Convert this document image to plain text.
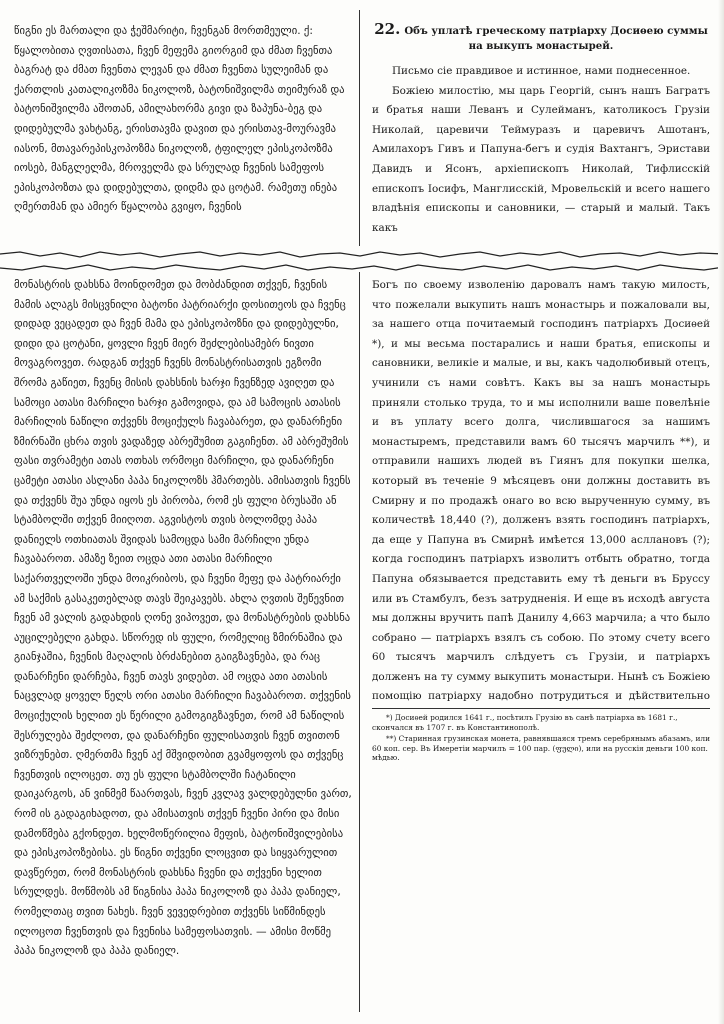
წიგნი ეს მართალი და ჭეშმარიტი, ჩვენგან მორთმეული. ქ: წყალობითა ღვთისათა, ჩვენ მეფემა გიორგიმ და ძმათ ჩვენთა ბაგრატ და ძმათ ჩვენთა ლევან და ძმათ ჩვენთა სულეიმან და ქართლის კათალიკოზმა ნიკოლოზ, ბატონიშვილმა თეიმურაზ და ბატონიშვილმა აშოთან, ამილახორმა გივი და ზაპუნა-ბეგ და დიდებულმა ვახტანგ, ერისთავმა დავით და ერისთავ-მოურავმა იასონ, მთავარეპისკოპოზმა ნიკოლოზ, ტფილელ ეპისკოპოზმა იოსებ, მანგლელმა, მროველმა და სრულად ჩვენის სამეფოს ეპისკოპოზთა და დიდებულთა, დიდმა და ცოტამ. რამეთუ ინება ღმერთმან და ამიერ წყალობა გვიყო, ჩვენის
22. Объ уплатѣ греческому патріарху Досиѳею суммы на выкупъ монастырей.

Письмо сіе правдивое и истинное, нами поднесенное.

Божіею милостію, мы царь Георгій, сынъ нашъ Багратъ и братья наши Леванъ и Сулейманъ, католикосъ Грузіи Николай, царевичи Теймуразъ и царевичъ Ашотанъ, Амилахоръ Гивъ и Папуна-бегъ и судія Вахтангъ, Эристави Давидъ и Ясонъ, архіепископъ Николай, Тифлисскій епископъ Іосифъ, Манглисскій, Мровельскій и всего нашего владѣнія епископы и сановники, — старый и малый. Такъ какъ

მონასტრის დახსნა მოინდომეთ და მობძანდით თქვენ, ჩვენის მამის ალაგს მისცვნილი ბატონი პატრიარქი დოსითეოს და ჩვენც დიდად ვეცადეთ და ჩვენ მამა და ეპისკოპოზნი და დიდებულნი, დიდი და ცოტანი, ყოვლი ჩვენ მიერ შეძლებისამებრ ნივთი მოვაგროვეთ. რადგან თქვენ ჩვენს მონასტრისათვის ეგზომი შრომა გაწიეთ, ჩვენც მისის დახსნის ხარჯი ჩვენზედ ავიღეთ და სამოცი ათასი მარჩილი ხარჯი გამოვიდა, და ამ სამოცის ათასის მარჩილის ნაწილი თქვენს მოციქულს ჩავაბარეთ, და დანარჩენი ზმირნაში ცხრა თვის ვადაზედ აბრეშუმით გაგიჩენთ. ამ აბრეშუმის ფასი თვრამეტი ათას ოთხას ორმოცი მარჩილი, და დანარჩენი ცამეტი ათასი ასლანი პაპა ნიკოლოზს ჰმართებს. ამისათვის ჩვენს და თქვენს შუა უნდა იყოს ეს პირობა, რომ ეს ფული ბრუსაში ან სტამბოლში თქვენ მიიღოთ. აგვისტოს თვის ბოლომდე პაპა დანიელს ოთხიათას შვიდას სამოცდა სამი მარჩილი უნდა ჩავაბაროთ. ამაზე ზეით ოცდა ათი ათასი მარჩილი საქართველოში უნდა მოიკრიბოს, და ჩვენი მეფე და პატრიარქი ამ საქმის გასაკეთებლად თავს შეიკავებს. ახლა ღვთის შეწევნით ჩვენ ამ ვალის გადახდის ღონე ვიპოვეთ, და მონასტრების დახსნა აუცილებელი გახდა. სწორედ ის ფული, რომელიც ზმირნაშია და გიანჯაშია, ჩვენის მაღალის ბრძანებით გაიგზავნება, და რაც დანარჩენი დარჩება, ჩვენ თავს ვიდებთ. ამ ოცდა ათი ათასის ნაცვლად ყოველ წელს ორი ათასი მარჩილი ჩავაბაროთ. თქვენის მოციქულის ხელით ეს წერილი გამოგიგზავნეთ, რომ ამ ნაწილის შესრულება შეძლოთ, და დანარჩენი ფულისათვის ჩვენ თვითონ ვიზრუნებთ. ღმერთმა ჩვენ აქ მშვიდობით გვამყოფოს და თქვენც ჩვენთვის ილოცეთ. თუ ეს ფული სტამბოლში ჩატანილი დაიკარგოს, ან ვინმემ წაართვას, ჩვენ კვლავ ვალდებულნი ვართ, რომ ის გადაგიხადოთ, და ამისათვის თქვენ ჩვენი პირი და მისი დამოწმება გქონდეთ. ხელმოწერილია მეფის, ბატონიშვილებისა და ეპისკოპოზებისა. ეს წიგნი თქვენი ლოცვით და სიყვარულით დავწერეთ, რომ მონასტრის დახსნა ჩვენი და თქვენი ხელით სრულდეს. მოწმობს ამ წიგნისა პაპა ნიკოლოზ და პაპა დანიელ, რომელთაც თვით ნახეს. ჩვენ ვევედრებით თქვენს სიწმინდეს ილოცოთ ჩვენთვის და ჩვენისა სამეფოსათვის. — ამისი მოწმე პაპა ნიკოლოზ და პაპა დანიელ.
Богъ по своему изволенію даровалъ намъ такую милость, что пожелали выкупить нашъ монастырь и пожаловали вы, за нашего отца почитаемый господинъ патріархъ Досиѳей *), и мы весьма постарались и наши братья, епископы и сановники, великіе и малые, и вы, какъ чадолюбивый отецъ, учинили съ нами совѣтъ. Какъ вы за нашъ монастырь приняли столько труда, то и мы исполнили ваше повелѣніе и въ уплату всего долга, числившагося за нашимъ монастыремъ, представили вамъ 60 тысячъ марчилъ **), и отправили нашихъ людей въ Гиянъ для покупки шелка, который въ теченіе 9 мѣсяцевъ они должны доставить въ Смирну и по продажѣ онаго во всю вырученную сумму, въ количествѣ 18,440 (?), долженъ взять господинъ патріархъ, да еще у Папуна въ Смирнѣ имѣется 13,000 асллановъ (?); когда господинъ патріархъ изволитъ отбыть обратно, тогда Папуна обязывается представить ему тѣ деньги въ Бруссу или въ Стамбулъ, безъ затрудненія. И еще въ исходѣ августа мы должны вручить папѣ Данилу 4,663 марчила; а что было собрано — патріархъ взялъ съ собою. По этому счету всего 60 тысячъ марчилъ слѣдуетъ съ Грузіи, и патріархъ долженъ на ту сумму выкупить монастыри. Нынѣ съ Божіею помощію патріарху надобно потрудиться и дѣйствительно

*) Досиѳей родился 1641 г., посѣтилъ Грузію въ санѣ патріарха въ 1681 г., скончался въ 1707 г. въ Константинополѣ.

**) Старинная грузинская монета, равнявшаяся тремъ серебрянымъ абазамъ, или 60 коп. сер. Въ Имеретіи марчилъ = 100 пар. (ფული), или на русскія деньги 100 коп. мѣдью.
